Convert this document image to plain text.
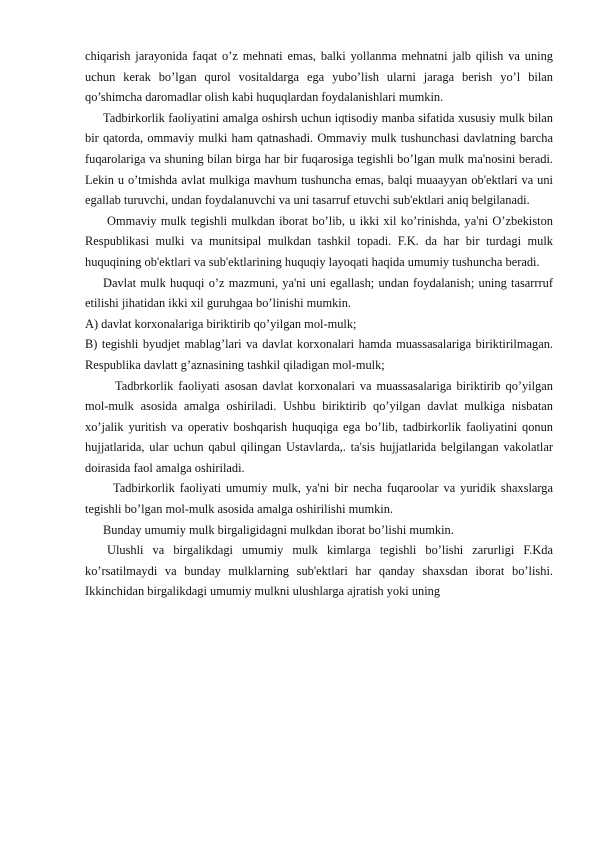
chiqarish jarayonida faqat o’z mehnati emas, balki yollanma mehnatni jalb qilish va uning uchun kerak bo’lgan qurol vositaldarga ega yubo’lish ularni jaraga berish yo’l bilan qo’shimcha daromadlar olish kabi huquqlardan foydalanishlari mumkin.

Tadbirkorlik faoliyatini amalga oshirsh uchun iqtisodiy manba sifatida xususiy mulk bilan bir qatorda, ommaviy mulki ham qatnashadi. Ommaviy mulk tushunchasi davlatning barcha fuqarolariga va shuning bilan birga har bir fuqarosiga tegishli bo’lgan mulk ma'nosini beradi. Lekin u o’tmishda avlat mulkiga mavhum tushuncha emas, balqi muaayyan ob'ektlari va uni egallab turuvchi, undan foydalanuvchi va uni tasarruf etuvchi sub'ektlari aniq belgilanadi.

Ommaviy mulk tegishli mulkdan iborat bo’lib, u ikki xil ko’rinishda, ya'ni O’zbekiston Respublikasi mulki va munitsipal mulkdan tashkil topadi. F.K. da har bir turdagi mulk huquqining ob'ektlari va sub'ektlarining huquqiy layoqati haqida umumiy tushuncha beradi.

Davlat mulk huquqi o’z mazmuni, ya'ni uni egallash; undan foydalanish; uning tasarrruf etilishi jihatidan ikki xil guruhgaa bo’linishi mumkin.

A) davlat korxonalariga biriktirib qo’yilgan mol-mulk;

B) tegishli byudjet mablag’lari va davlat korxonalari hamda muassasalariga biriktirilmagan. Respublika davlatt g’aznasining tashkil qiladigan mol-mulk;

Tadbrkorlik faoliyati asosan davlat korxonalari va muassasalariga biriktirib qo’yilgan mol-mulk asosida amalga oshiriladi. Ushbu biriktirib qo’yilgan davlat mulkiga nisbatan xo’jalik yuritish va operativ boshqarish huquqiga ega bo’lib, tadbirkorlik faoliyatini qonun hujjatlarida, ular uchun qabul qilingan Ustavlarda,. ta'sis hujjatlarida belgilangan vakolatlar doirasida faol amalga oshiriladi.

Tadbirkorlik faoliyati umumiy mulk, ya'ni bir necha fuqaroolar va yuridik shaxslarga tegishli bo’lgan mol-mulk asosida amalga oshirilishi mumkin.

Bunday umumiy mulk birgaligidagni mulkdan iborat bo’lishi mumkin.

Ulushli va birgalikdagi umumiy mulk kimlarga tegishli bo’lishi zarurligi F.Kda ko’rsatilmaydi va bunday mulklarning sub'ektlari har qanday shaxsdan iborat bo’lishi. Ikkinchidan birgalikdagi umumiy mulkni ulushlarga ajratish yoki uning
